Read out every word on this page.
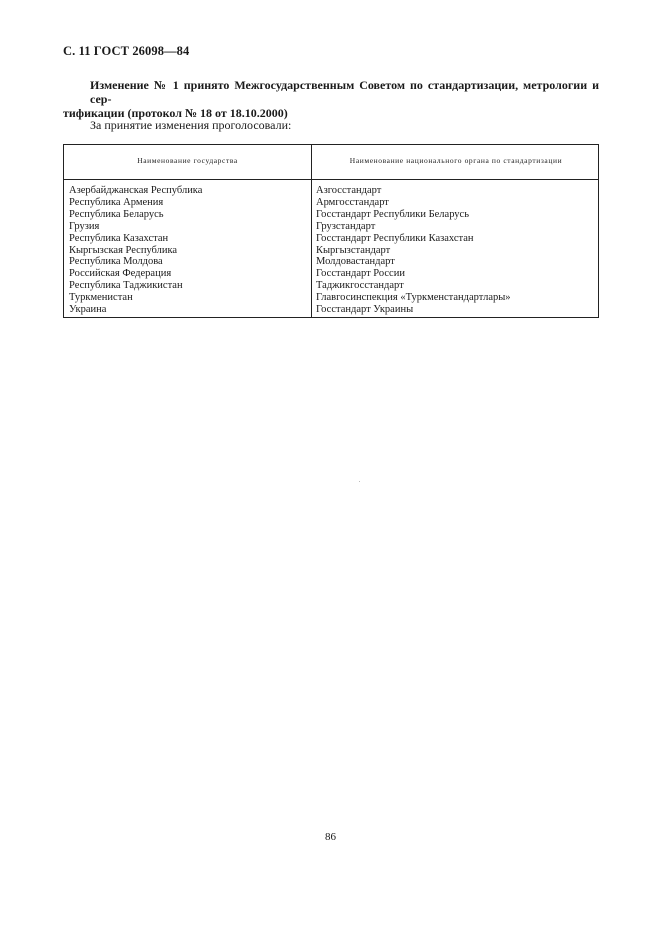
С. 11 ГОСТ 26098—84
Изменение № 1 принято Межгосударственным Советом по стандартизации, метрологии и сер-
тификации (протокол № 18 от 18.10.2000)
За принятие изменения проголосовали:
Наименование государства	Наименование национального органа по стандартизации
Азербайджанская Республика
Республика Армения
Республика Беларусь
Грузия
Республика Казахстан
Кыргызская Республика
Республика Молдова
Российская Федерация
Республика Таджикистан
Туркменистан
Украина
Азгосстандарт
Армгосстандарт
Госстандарт Республики Беларусь
Грузстандарт
Госстандарт Республики Казахстан
Кыргызстандарт
Молдовастандарт
Госстандарт России
Таджикгосстандарт
Главгосинспекция «Туркменстандартлары»
Госстандарт Украины
86
